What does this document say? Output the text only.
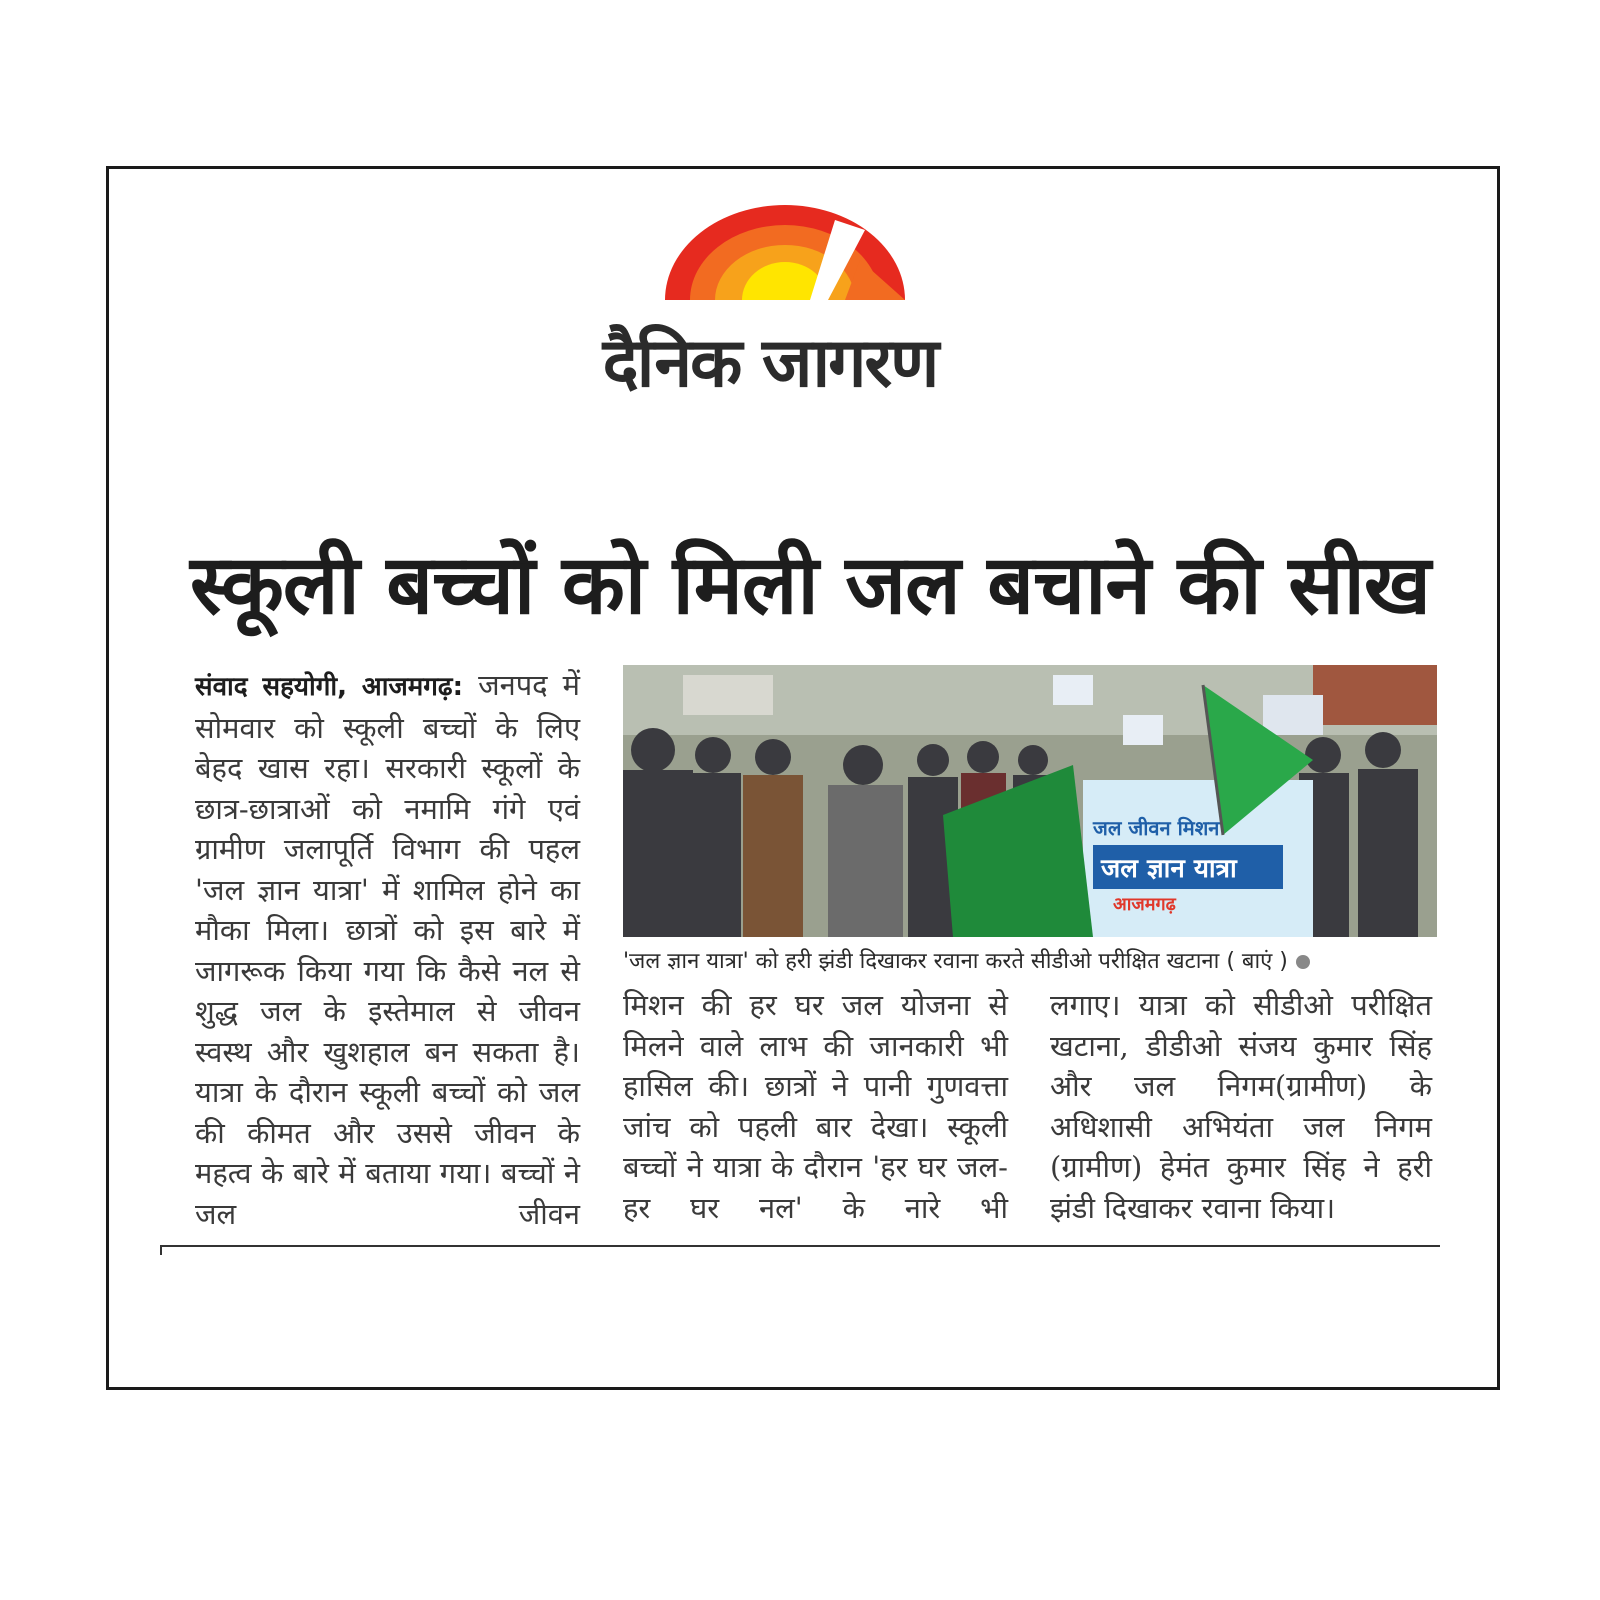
दैनिक जागरण
स्कूली बच्चों को मिली जल बचाने की सीख
संवाद सहयोगी, आजमगढ़: जनपद में सोमवार को स्कूली बच्चों के लिए बेहद खास रहा। सरकारी स्कूलों के छात्र-छात्राओं को नमामि गंगे एवं ग्रामीण जलापूर्ति विभाग की पहल 'जल ज्ञान यात्रा' में शामिल होने का मौका मिला। छात्रों को इस बारे में जागरूक किया गया कि कैसे नल से शुद्ध जल के इस्तेमाल से जीवन स्वस्थ और खुशहाल बन सकता है। यात्रा के दौरान स्कूली बच्चों को जल की कीमत और उससे जीवन के महत्व के बारे में बताया गया। बच्चों ने जल जीवन
जल जीवन मिशन
जल ज्ञान यात्रा
आजमगढ़
'जल ज्ञान यात्रा' को हरी झंडी दिखाकर रवाना करते सीडीओ परीक्षित खटाना ( बाएं )
मिशन की हर घर जल योजना से मिलने वाले लाभ की जानकारी भी हासिल की। छात्रों ने पानी गुणवत्ता जांच को पहली बार देखा। स्कूली बच्चों ने यात्रा के दौरान 'हर घर जल-हर घर नल' के नारे भी
लगाए। यात्रा को सीडीओ परीक्षित खटाना, डीडीओ संजय कुमार सिंह और जल निगम(ग्रामीण) के अधिशासी अभियंता जल निगम (ग्रामीण) हेमंत कुमार सिंह ने हरी झंडी दिखाकर रवाना किया।
